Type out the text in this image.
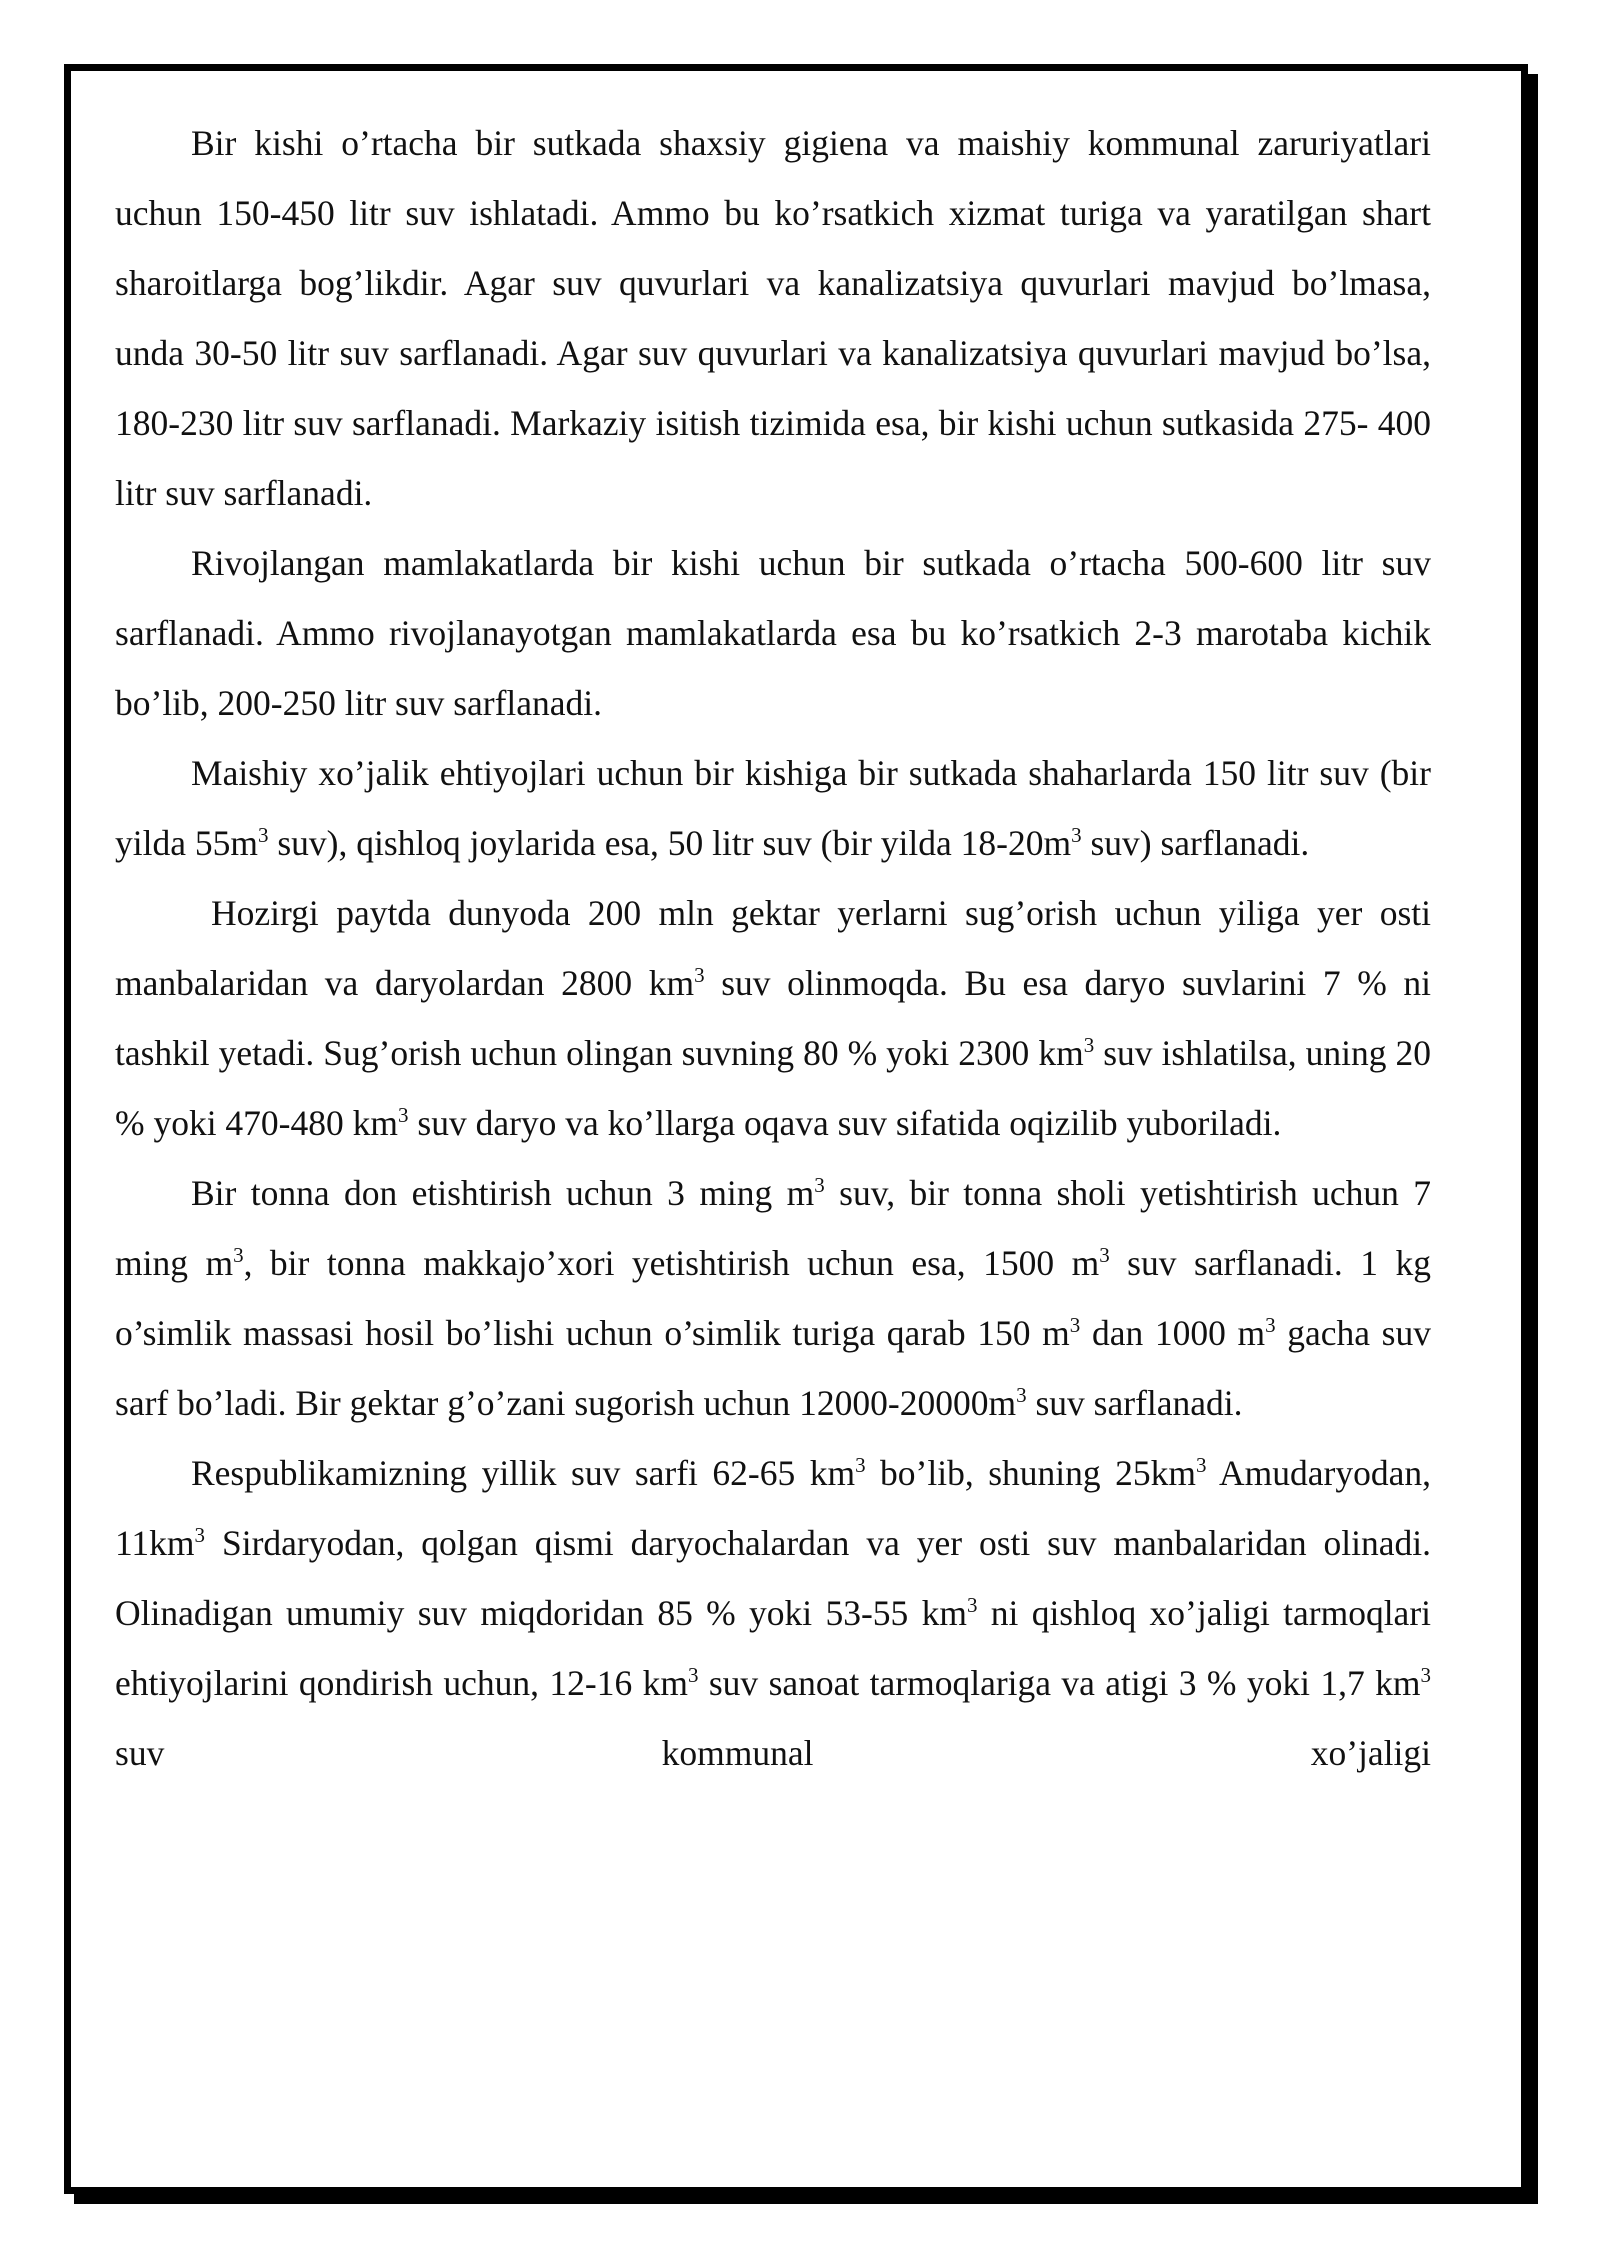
Bir kishi o’rtacha bir sutkada shaxsiy gigiena va maishiy kommunal zaruriyatlari uchun 150-450 litr suv ishlatadi. Ammo bu ko’rsatkich xizmat turiga va yaratilgan shart sharoitlarga bog’likdir. Agar suv quvurlari va kanalizatsiya quvurlari mavjud bo’lmasa, unda 30-50 litr suv sarflanadi. Agar suv quvurlari va kanalizatsiya quvurlari mavjud bo’lsa, 180-230 litr suv sarflanadi. Markaziy isitish tizimida esa, bir kishi uchun sutkasida 275- 400 litr suv sarflanadi.

Rivojlangan mamlakatlarda bir kishi uchun bir sutkada o’rtacha 500-600 litr suv sarflanadi. Ammo rivojlanayotgan mamlakatlarda esa bu ko’rsatkich 2-3 marotaba kichik bo’lib, 200-250 litr suv sarflanadi.

Maishiy xo’jalik ehtiyojlari uchun bir kishiga bir sutkada shaharlarda 150 litr suv (bir yilda $55m^3$ suv), qishloq joylarida esa, 50 litr suv (bir yilda $18-20m^3$ suv) sarflanadi.

Hozirgi paytda dunyoda 200 mln gektar yerlarni sug’orish uchun yiliga yer osti manbalaridan va daryolardan 2800 $km^3$ suv olinmoqda. Bu esa daryo suvlarini 7 % ni tashkil yetadi. Sug’orish uchun olingan suvning 80 % yoki 2300 $km^3$ suv ishlatilsa, uning 20 % yoki 470-480 $km^3$ suv daryo va ko’llarga oqava suv sifatida oqizilib yuboriladi.

Bir tonna don etishtirish uchun 3 ming $m^3$ suv, bir tonna sholi yetishtirish uchun 7 ming $m^3$, bir tonna makkajo’xori yetishtirish uchun esa, 1500 $m^3$ suv sarflanadi. 1 kg o’simlik massasi hosil bo’lishi uchun o’simlik turiga qarab 150 $m^3$ dan 1000 $m^3$ gacha suv sarf bo’ladi. Bir gektar g’o’zani sugorish uchun $12000-20000m^3$ suv sarflanadi.

Respublikamizning yillik suv sarfi 62-65 $km^3$ bo’lib, shuning $25km^3$ Amudaryodan, $11km^3$ Sirdaryodan, qolgan qismi daryochalardan va yer osti suv manbalaridan olinadi. Olinadigan umumiy suv miqdoridan 85 % yoki 53-55 $km^3$ ni qishloq xo’jaligi tarmoqlari ehtiyojlarini qondirish uchun, 12-16 $km^3$ suv sanoat tarmoqlariga va atigi 3 % yoki 1,7 $km^3$ suv kommunal xo’jaligi
